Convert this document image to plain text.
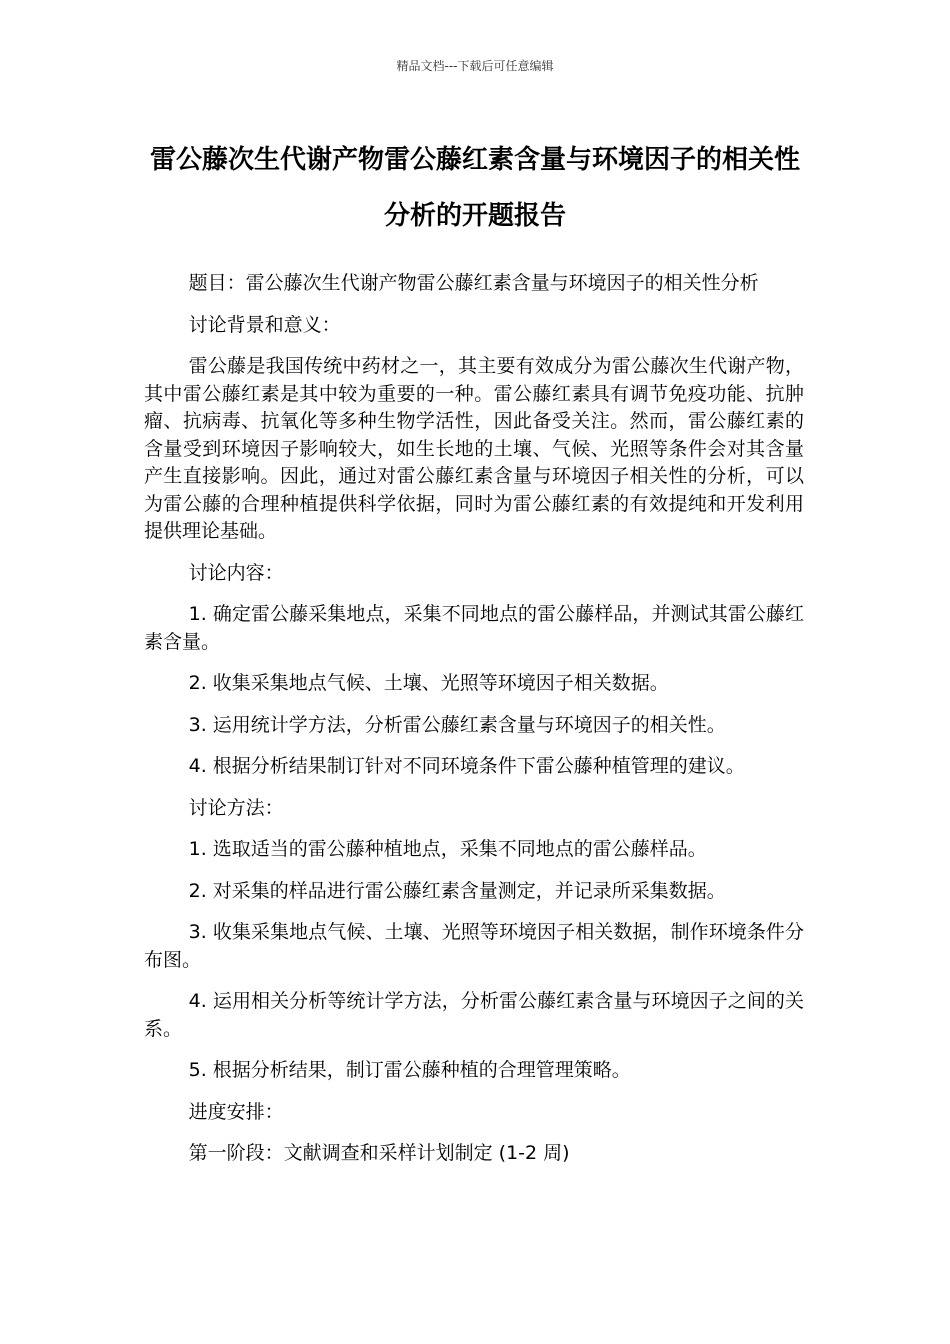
精品文档---下载后可任意编辑
雷公藤次生代谢产物雷公藤红素含量与环境因子的相关性分析的开题报告

题目：雷公藤次生代谢产物雷公藤红素含量与环境因子的相关性分析

讨论背景和意义：

雷公藤是我国传统中药材之一，其主要有效成分为雷公藤次生代谢产物，其中雷公藤红素是其中较为重要的一种。雷公藤红素具有调节免疫功能、抗肿瘤、抗病毒、抗氧化等多种生物学活性，因此备受关注。然而，雷公藤红素的含量受到环境因子影响较大，如生长地的土壤、气候、光照等条件会对其含量产生直接影响。因此，通过对雷公藤红素含量与环境因子相关性的分析，可以为雷公藤的合理种植提供科学依据，同时为雷公藤红素的有效提纯和开发利用提供理论基础。

讨论内容：

1. 确定雷公藤采集地点，采集不同地点的雷公藤样品，并测试其雷公藤红素含量。

2. 收集采集地点气候、土壤、光照等环境因子相关数据。

3. 运用统计学方法，分析雷公藤红素含量与环境因子的相关性。

4. 根据分析结果制订针对不同环境条件下雷公藤种植管理的建议。

讨论方法：

1. 选取适当的雷公藤种植地点，采集不同地点的雷公藤样品。

2. 对采集的样品进行雷公藤红素含量测定，并记录所采集数据。

3. 收集采集地点气候、土壤、光照等环境因子相关数据，制作环境条件分布图。

4. 运用相关分析等统计学方法，分析雷公藤红素含量与环境因子之间的关系。

5. 根据分析结果，制订雷公藤种植的合理管理策略。

进度安排：

第一阶段：文献调查和采样计划制定 (1-2 周)
